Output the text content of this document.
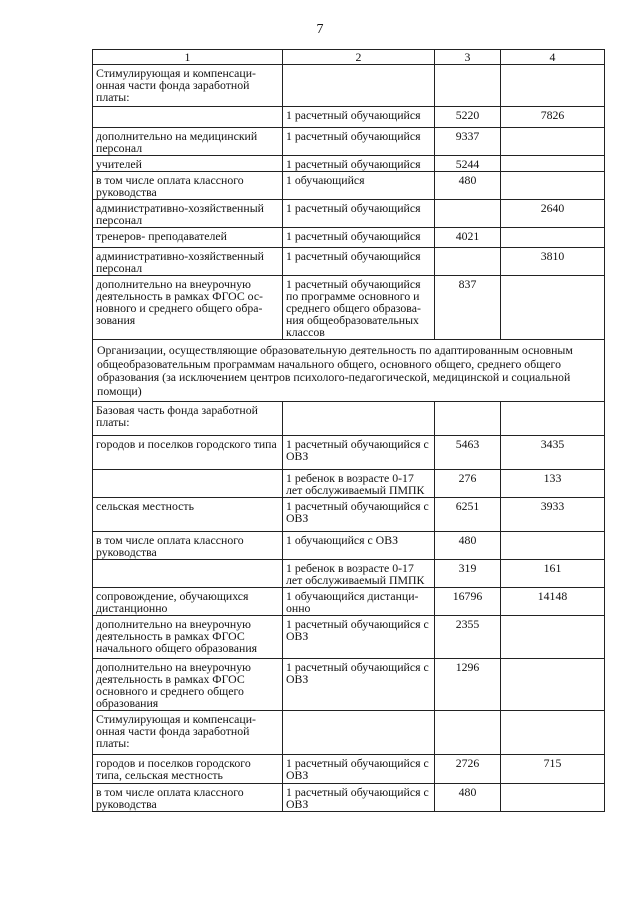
7
1	2	3	4
Стимулирующая и компенсаци-онная части фонда заработной платы:			
	1 расчетный обучающийся	5220	7826
дополнительно на медицинский персонал	1 расчетный обучающийся	9337	
учителей	1 расчетный обучающийся	5244	
в том числе оплата классного руководства	1 обучающийся	480	
административно-хозяйственный персонал	1 расчетный обучающийся		2640
тренеров- преподавателей	1 расчетный обучающийся	4021	
административно-хозяйственный персонал	1 расчетный обучающийся		3810
дополнительно на внеурочную деятельность в рамках ФГОС ос-новного и среднего общего обра-зования	1 расчетный обучающийся по программе основного и среднего общего образова-ния общеобразовательных классов	837	
Организации, осуществляющие образовательную деятельность по адаптированным основным общеобразовательным программам начального общего, основного общего, среднего общего образования (за исключением центров психолого-педагогической, медицинской и социальной помощи)			
Базовая часть фонда заработной платы:			
городов и поселков городского типа	1 расчетный обучающийся с ОВЗ	5463	3435
	1 ребенок в возрасте 0-17 лет обслуживаемый ПМПК	276	133
сельская местность	1 расчетный обучающийся с ОВЗ	6251	3933
в том числе оплата классного руководства	1 обучающийся с ОВЗ	480	
	1 ребенок в возрасте 0-17 лет обслуживаемый ПМПК	319	161
сопровождение, обучающихся дистанционно	1 обучающийся дистанци-онно	16796	14148
дополнительно на внеурочную деятельность в рамках ФГОС начального общего образования	1 расчетный обучающийся с ОВЗ	2355	
дополнительно на внеурочную деятельность в рамках ФГОС основного и среднего общего образования	1 расчетный обучающийся с ОВЗ	1296	
Стимулирующая и компенсаци-онная части фонда заработной платы:			
городов и поселков городского типа, сельская местность	1 расчетный обучающийся с ОВЗ	2726	715
в том числе оплата классного руководства	1 расчетный обучающийся с ОВЗ	480	
